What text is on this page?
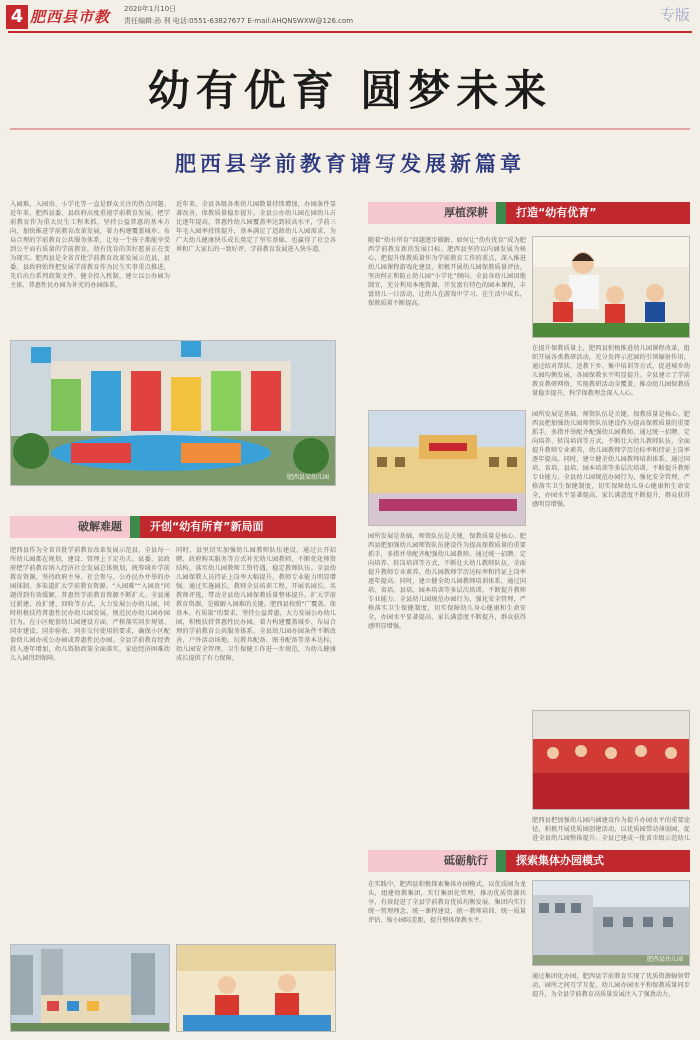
4 肥西县市教 2020年1月10日
责任编辑:孙 利 电话:0551-63827677 E-mail:AHQNSWXW@126.com	专版
幼有优育 圆梦未来
肥西县学前教育谱写发展新篇章
入园难、入园贵、小学化等一直是群众关注的热点问题。近年来，肥西县委、县政府高度重视学前教育发展，把学前教育作为重大民生工程来抓，坚持公益普惠的基本方向，加快推进学前教育改革发展，着力构建覆盖城乡、布局合理的学前教育公共服务体系，让每一个孩子都能享受到公平而有质量的学前教育，幼有优育的美好愿景正在变为现实。肥西县是全省首批学前教育改革发展示范县，县委、县政府始终把发展学前教育作为民生实事重点推进，先后出台系列政策文件，健全投入机制，建立以公办园为主体、普惠性民办园为补充的办园体系。
近年来，全县各级各类幼儿园数量持续增加，办园条件显著改善，保教质量稳步提升。全县公办幼儿园在园幼儿占比逐年提高，普惠性幼儿园覆盖率达到较高水平，学前三年毛入园率持续提升，基本满足了适龄幼儿入园需求，为广大幼儿健康快乐成长奠定了坚实基础，也赢得了社会各界和广大家长的一致好评，学前教育发展进入快车道。
肥西县某幼儿园
破解难题	开创“幼有所育”新局面
肥西县作为全省首批学前教育改革发展示范县，全县每一所幼儿园都在规划、建设、管理上下足功夫。县委、县政府把学前教育纳入经济社会发展总体规划，统筹城乡学前教育资源，坚持政府主导、社会参与、公办民办并举的办园体制，多渠道扩大学前教育资源。“入园难”“入园贵”问题得到有效缓解，普惠性学前教育资源不断扩大。全县通过新建、改扩建、回收等方式，大力发展公办幼儿园，同时积极扶持普惠性民办幼儿园发展，规范民办幼儿园办园行为。在小区配套幼儿园建设方面，严格落实同步规划、同步建设、同步验收、同步交付使用的要求，确保小区配套幼儿园办成公办园或普惠性民办园。全县学前教育经费投入逐年增加，幼儿资助政策全面落实，家庭经济困难幼儿入园得到保障。
同时，县里切实加强幼儿园教师队伍建设，通过公开招聘、政府购买服务等方式补充幼儿园教师，不断优化师资结构，落实幼儿园教师工资待遇，稳定教师队伍。全县幼儿园保教人员持证上岗率大幅提升，教师专业能力明显增强。通过实施园长、教师全员培训工程，开展名园长、名教师评选，带动全县幼儿园保教质量整体提升。扩大学前教育资源，是破解入园难的关键。肥西县按照“广覆盖、保基本、有质量”的要求，坚持公益普惠，大力发展公办幼儿园，积极扶持普惠性民办园，着力构建覆盖城乡、布局合理的学前教育公共服务体系。全县幼儿园办园条件不断改善，户外活动场地、玩教具配备、图书配备等基本达标，幼儿园安全管理、卫生保健工作进一步规范，为幼儿健康成长提供了有力保障。
厚植深耕	打造“幼有优育”
随着“幼有所育”问题逐步破解，如何让“幼有优育”成为肥西学前教育新的发展目标。肥西县坚持以内涵发展为核心，把提升保教质量作为学前教育工作的重点，深入推进幼儿园课程游戏化建设，积极开展幼儿园保教质量评估，坚决纠正和防止幼儿园“小学化”倾向。全县各幼儿园因地制宜，充分利用本地资源，开发富有特色的园本课程，丰富幼儿一日活动，让幼儿在游戏中学习、在生活中成长，保教质量不断提高。
在提升保教质量上，肥西县积极推进幼儿园课程改革，组织开展各类教研活动，充分发挥示范园的引领辐射作用，通过结对帮扶、送教下乡、集中培训等方式，促进城乡幼儿园均衡发展，各园保教水平明显提升。全县建立了学前教育教研网络，实现教研活动全覆盖，推动幼儿园保教质量稳步提升，科学保教理念深入人心。
园所发展是基础，师资队伍是关键，保教质量是核心。肥西县把加强幼儿园师资队伍建设作为提高保教质量的重要抓手，多措并举配齐配强幼儿园教师。通过统一招聘、定向培养、转岗培训等方式，不断壮大幼儿教师队伍，全面提升教师专业素养，幼儿园教师学历达标率和持证上岗率逐年提高。同时，建立健全幼儿园教师培训体系，通过国培、省培、县培、园本培训等多层次培训，不断提升教师专业能力。全县幼儿园规范办园行为，强化安全管理，严格落实卫生保健制度，切实保障幼儿身心健康和生命安全，办园水平显著提高，家长满意度不断提升，群众获得感明显增强。
园所发展是基础，师资队伍是关键，保教质量是核心。肥西县把加强幼儿园师资队伍建设作为提高保教质量的重要抓手，多措并举配齐配强幼儿园教师。通过统一招聘、定向培养、转岗培训等方式，不断壮大幼儿教师队伍，全面提升教师专业素养，幼儿园教师学历达标率和持证上岗率逐年提高。同时，建立健全幼儿园教师培训体系，通过国培、省培、县培、园本培训等多层次培训，不断提升教师专业能力。全县幼儿园规范办园行为，强化安全管理，严格落实卫生保健制度，切实保障幼儿身心健康和生命安全，办园水平显著提高，家长满意度不断提升，群众获得感明显增强。
肥西县把加强幼儿园内涵建设作为提升办园水平的重要途径，积极开展优质园创建活动，以优质园带动薄弱园，促进全县幼儿园整体提升。全县已建成一批省市级示范幼儿
砥砺航行	探索集体办园模式
在实践中，肥西县积极探索集体办园模式，以优质园为龙头，组建幼教集团，实行集团化管理，推动优质资源共享，有效促进了全县学前教育优质均衡发展。集团内实行统一管理理念、统一课程建设、统一教师培训、统一质量评估，缩小园际差距，提升整体保教水平。
肥西县幼儿园
通过集团化办园，肥西县学前教育实现了优质资源辐射带动，园所之间互学互促，幼儿园办园水平和保教质量同步提升，为全县学前教育高质量发展注入了强劲动力。
